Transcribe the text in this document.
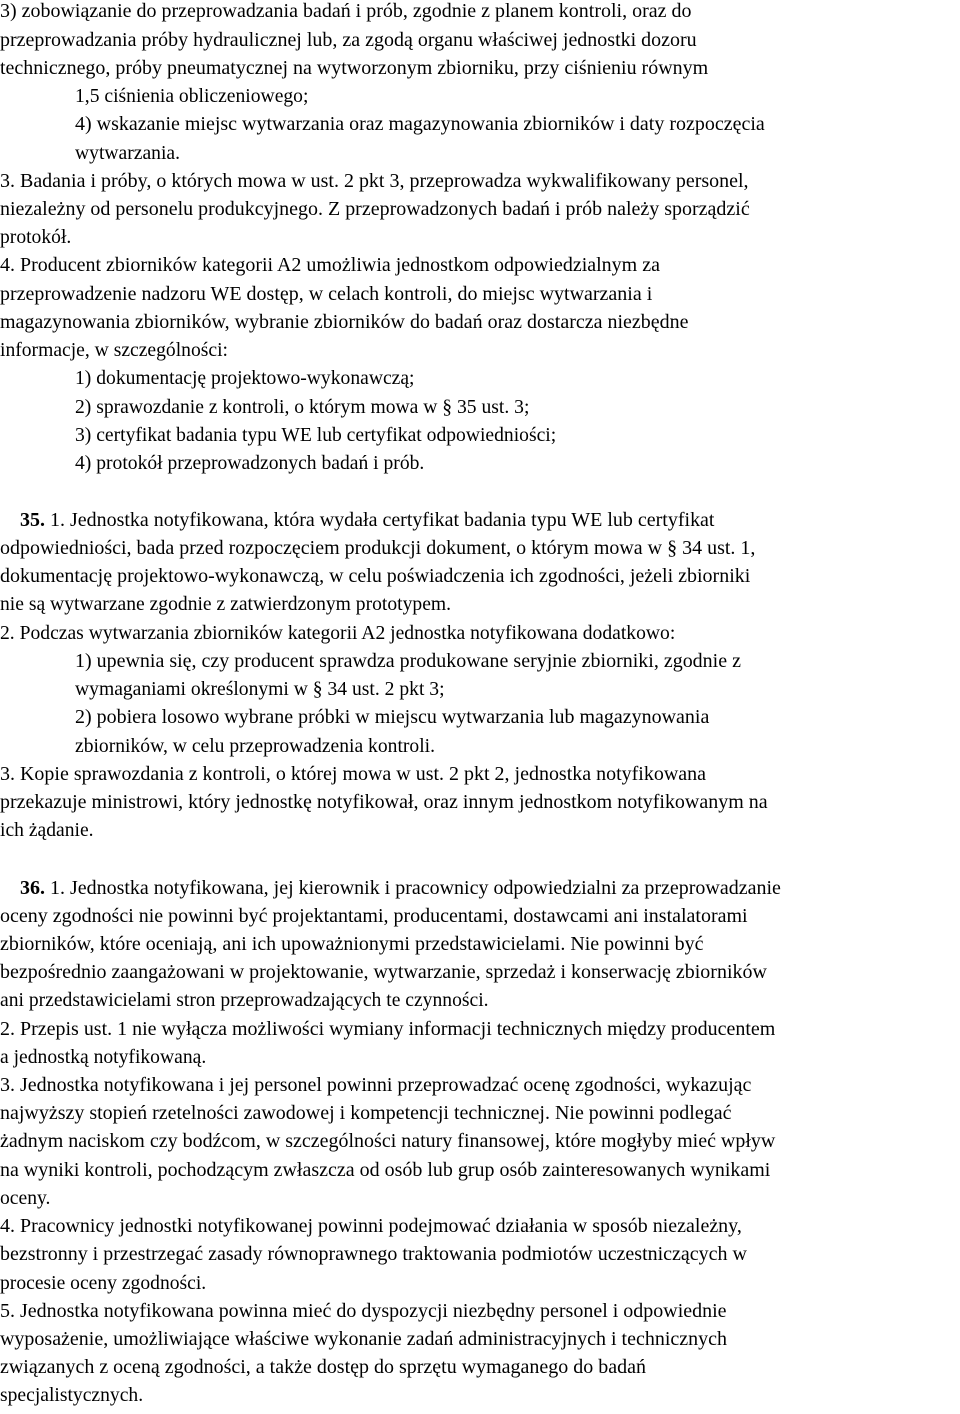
3) zobowiązanie do przeprowadzania badań i prób, zgodnie z planem kontroli, oraz do
przeprowadzania próby hydraulicznej lub, za zgodą organu właściwej jednostki dozoru
technicznego, próby pneumatycznej na wytworzonym zbiorniku, przy ciśnieniu równym
1,5 ciśnienia obliczeniowego;
4) wskazanie miejsc wytwarzania oraz magazynowania zbiorników i daty rozpoczęcia
wytwarzania.
3. Badania i próby, o których mowa w ust. 2 pkt 3, przeprowadza wykwalifikowany personel,
niezależny od personelu produkcyjnego. Z przeprowadzonych badań i prób należy sporządzić
protokół.
4. Producent zbiorników kategorii A2 umożliwia jednostkom odpowiedzialnym za
przeprowadzenie nadzoru WE dostęp, w celach kontroli, do miejsc wytwarzania i
magazynowania zbiorników, wybranie zbiorników do badań oraz dostarcza niezbędne
informacje, w szczególności:
1) dokumentację projektowo-wykonawczą;
2) sprawozdanie z kontroli, o którym mowa w § 35 ust. 3;
3) certyfikat badania typu WE lub certyfikat odpowiedniości;
4) protokół przeprowadzonych badań i prób.
35. 1. Jednostka notyfikowana, która wydała certyfikat badania typu WE lub certyfikat
odpowiedniości, bada przed rozpoczęciem produkcji dokument, o którym mowa w § 34 ust. 1,
dokumentację projektowo-wykonawczą, w celu poświadczenia ich zgodności, jeżeli zbiorniki
nie są wytwarzane zgodnie z zatwierdzonym prototypem.
2. Podczas wytwarzania zbiorników kategorii A2 jednostka notyfikowana dodatkowo:
1) upewnia się, czy producent sprawdza produkowane seryjnie zbiorniki, zgodnie z
wymaganiami określonymi w § 34 ust. 2 pkt 3;
2) pobiera losowo wybrane próbki w miejscu wytwarzania lub magazynowania
zbiorników, w celu przeprowadzenia kontroli.
3. Kopie sprawozdania z kontroli, o której mowa w ust. 2 pkt 2, jednostka notyfikowana
przekazuje ministrowi, który jednostkę notyfikował, oraz innym jednostkom notyfikowanym na
ich żądanie.
36. 1. Jednostka notyfikowana, jej kierownik i pracownicy odpowiedzialni za przeprowadzanie
oceny zgodności nie powinni być projektantami, producentami, dostawcami ani instalatorami
zbiorników, które oceniają, ani ich upoważnionymi przedstawicielami. Nie powinni być
bezpośrednio zaangażowani w projektowanie, wytwarzanie, sprzedaż i konserwację zbiorników
ani przedstawicielami stron przeprowadzających te czynności.
2. Przepis ust. 1 nie wyłącza możliwości wymiany informacji technicznych między producentem
a jednostką notyfikowaną.
3. Jednostka notyfikowana i jej personel powinni przeprowadzać ocenę zgodności, wykazując
najwyższy stopień rzetelności zawodowej i kompetencji technicznej. Nie powinni podlegać
żadnym naciskom czy bodźcom, w szczególności natury finansowej, które mogłyby mieć wpływ
na wyniki kontroli, pochodzącym zwłaszcza od osób lub grup osób zainteresowanych wynikami
oceny.
4. Pracownicy jednostki notyfikowanej powinni podejmować działania w sposób niezależny,
bezstronny i przestrzegać zasady równoprawnego traktowania podmiotów uczestniczących w
procesie oceny zgodności.
5. Jednostka notyfikowana powinna mieć do dyspozycji niezbędny personel i odpowiednie
wyposażenie, umożliwiające właściwe wykonanie zadań administracyjnych i technicznych
związanych z oceną zgodności, a także dostęp do sprzętu wymaganego do badań
specjalistycznych.
